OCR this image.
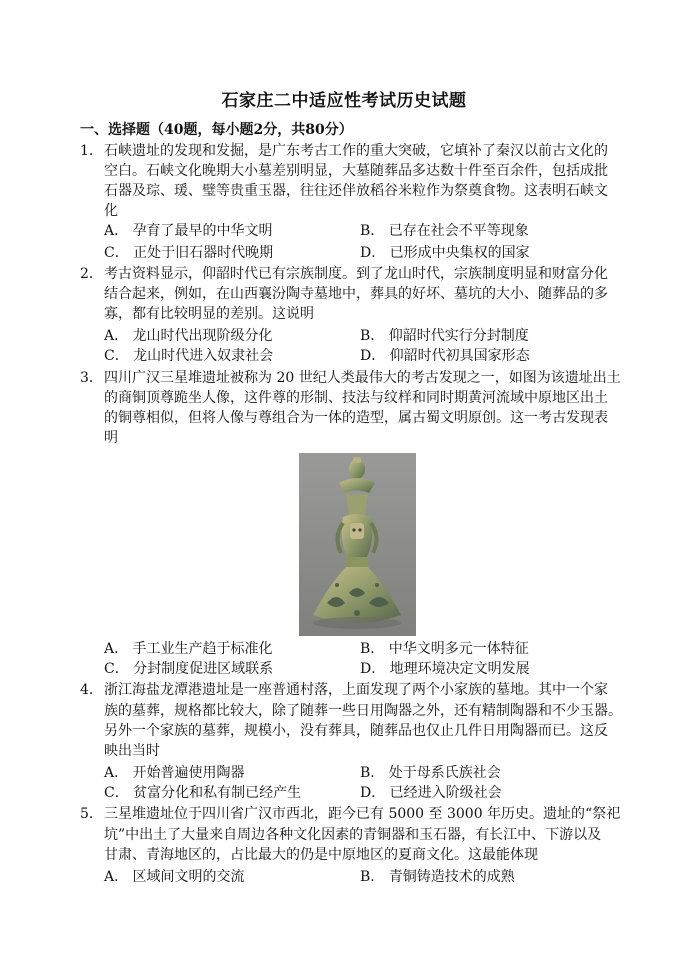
石家庄二中适应性考试历史试题
一、选择题（40题，每小题2分，共80分）
1． 石峡遗址的发现和发掘，是广东考古工作的重大突破，它填补了秦汉以前古文化的
空白。石峡文化晚期大小墓差别明显，大墓随葬品多达数十件至百余件，包括成批
石器及琮、瑗、璧等贵重玉器，往往还伴放稻谷米粒作为祭奠食物。这表明石峡文
化
A． 孕育了最早的中华文明	B． 已存在社会不平等现象
C． 正处于旧石器时代晚期	D． 已形成中央集权的国家
2． 考古资料显示，仰韶时代已有宗族制度。到了龙山时代，宗族制度明显和财富分化
结合起来，例如，在山西襄汾陶寺墓地中，葬具的好坏、墓坑的大小、随葬品的多
寡，都有比较明显的差别。这说明
A． 龙山时代出现阶级分化	B． 仰韶时代实行分封制度
C． 龙山时代进入奴隶社会	D． 仰韶时代初具国家形态
3． 四川广汉三星堆遗址被称为 20 世纪人类最伟大的考古发现之一，如图为该遗址出土
的商铜顶尊跪坐人像，这件尊的形制、技法与纹样和同时期黄河流域中原地区出土
的铜尊相似，但将人像与尊组合为一体的造型，属古蜀文明原创。这一考古发现表
明
A． 手工业生产趋于标准化	B． 中华文明多元一体特征
C． 分封制度促进区域联系	D． 地理环境决定文明发展
4． 浙江海盐龙潭港遗址是一座普通村落，上面发现了两个小家族的墓地。其中一个家
族的墓葬，规格都比较大，除了随葬一些日用陶器之外，还有精制陶器和不少玉器。
另外一个家族的墓葬，规模小，没有葬具，随葬品也仅止几件日用陶器而已。这反
映出当时
A． 开始普遍使用陶器	B． 处于母系氏族社会
C． 贫富分化和私有制已经产生	D． 已经进入阶级社会
5． 三星堆遗址位于四川省广汉市西北，距今已有 5000 至 3000 年历史。遗址的“祭祀
坑”中出土了大量来自周边各种文化因素的青铜器和玉石器，有长江中、下游以及
甘肃、青海地区的，占比最大的仍是中原地区的夏商文化。这最能体现
A． 区域间文明的交流	B． 青铜铸造技术的成熟
